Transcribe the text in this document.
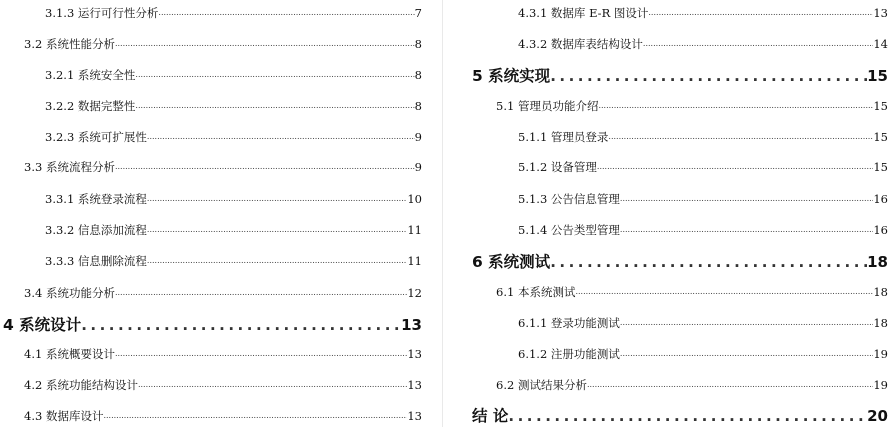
3.1.3 运行可行性分析 .....	7
3.2 系统性能分析 .....	8
3.2.1 系统安全性 .....	8
3.2.2 数据完整性 .....	8
3.2.3 系统可扩展性 .....	9
3.3 系统流程分析 .....	9
3.3.1 系统登录流程 .....	10
3.3.2 信息添加流程 .....	11
3.3.3 信息删除流程 .....	11
3.4 系统功能分析 .....	12
4 系统设计 .....	13
4.1 系统概要设计 .....	13
4.2 系统功能结构设计 .....	13
4.3 数据库设计 .....	13
4.3.1 数据库 E-R 图设计 .....	13
4.3.2 数据库表结构设计 .....	14
5 系统实现 .....	15
5.1 管理员功能介绍 .....	15
5.1.1 管理员登录 .....	15
5.1.2 设备管理 .....	15
5.1.3 公告信息管理 .....	16
5.1.4 公告类型管理 .....	16
6 系统测试 .....	18
6.1 本系统测试 .....	18
6.1.1 登录功能测试 .....	18
6.1.2 注册功能测试 .....	19
6.2 测试结果分析 .....	19
结 论 .....	20
